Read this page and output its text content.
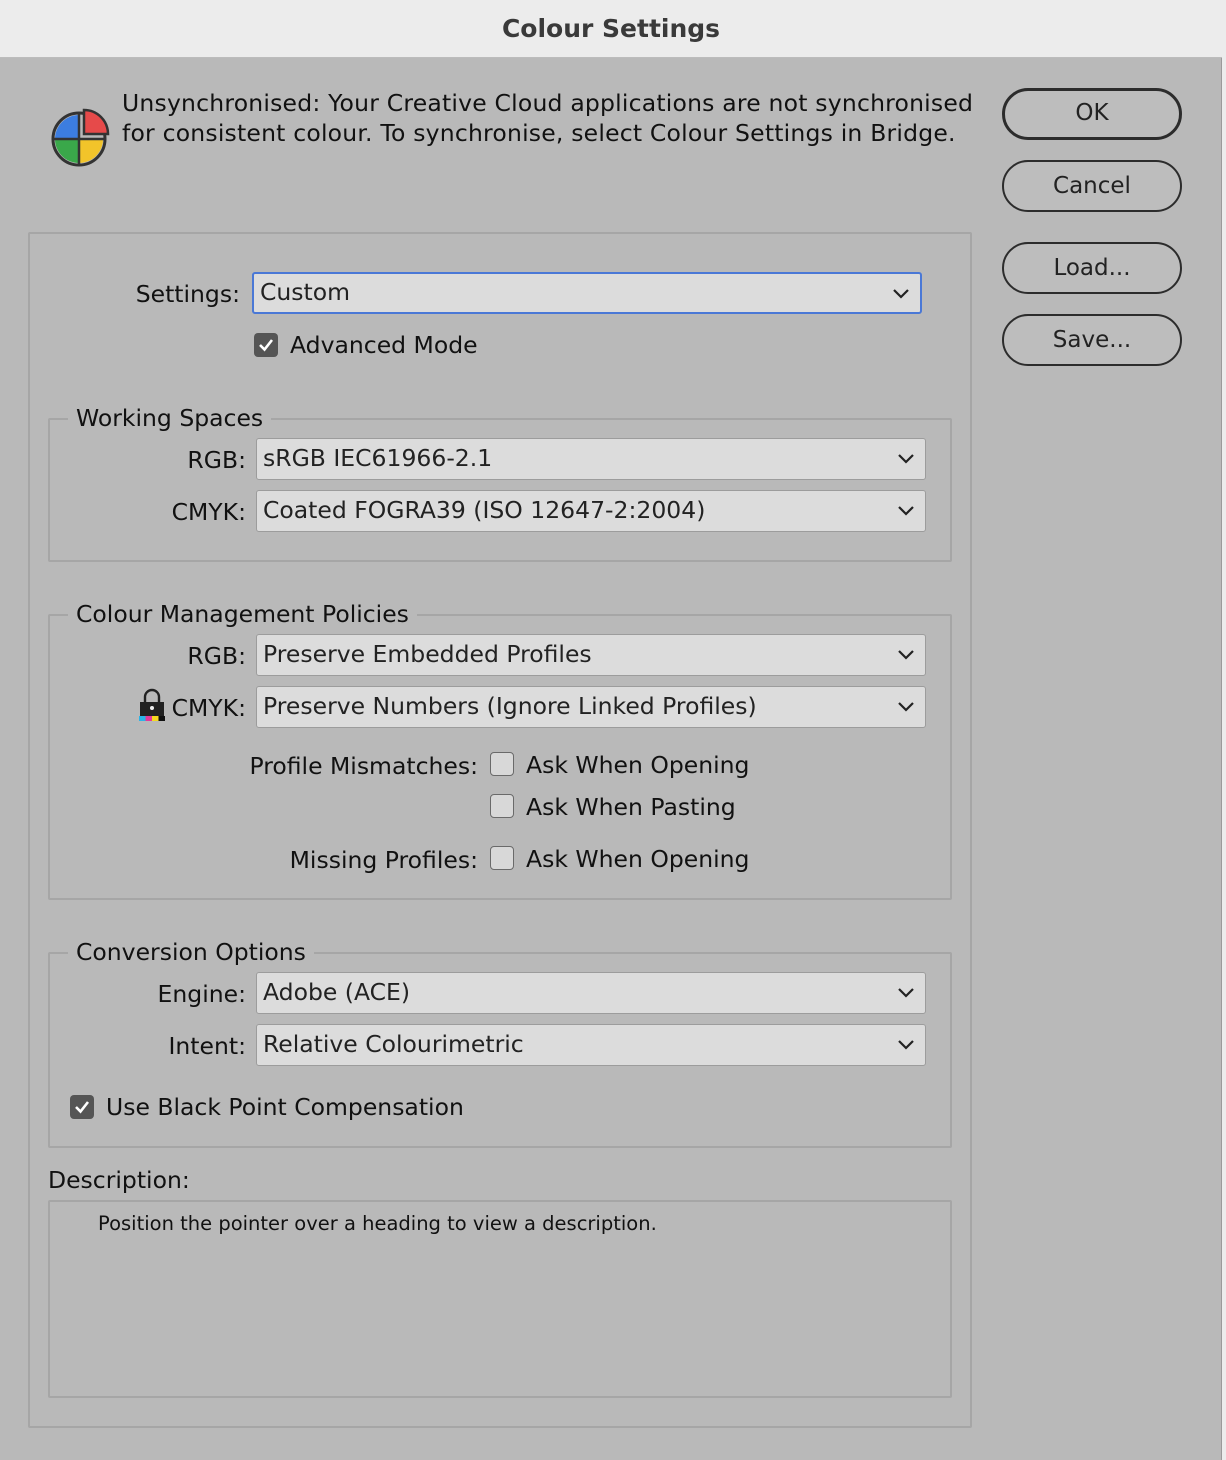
Colour Settings
Unsynchronised: Your Creative Cloud applications are not synchronised
for consistent colour. To synchronise, select Colour Settings in Bridge.
OK
Cancel
Load...
Save...
Settings: Custom
Advanced Mode
Working Spaces
RGB: sRGB IEC61966-2.1
CMYK: Coated FOGRA39 (ISO 12647-2:2004)
Colour Management Policies
RGB: Preserve Embedded Profiles
CMYK: Preserve Numbers (Ignore Linked Profiles)
Profile Mismatches: Ask When Opening
Ask When Pasting
Missing Profiles: Ask When Opening
Conversion Options
Engine: Adobe (ACE)
Intent: Relative Colourimetric
Use Black Point Compensation
Description:
Position the pointer over a heading to view a description.
